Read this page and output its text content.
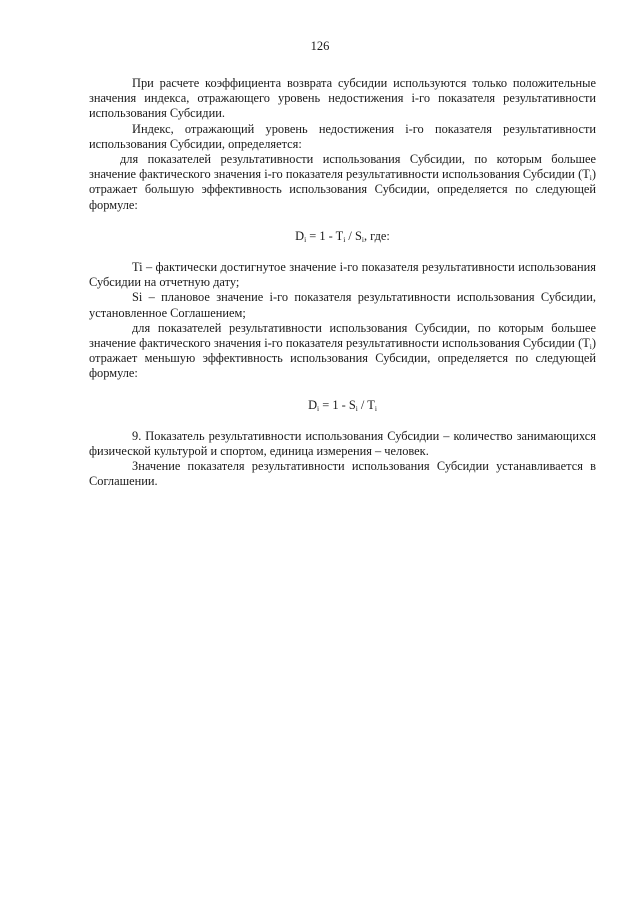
126

При расчете коэффициента возврата субсидии используются только положительные значения индекса, отражающего уровень недостижения i-го показателя результативности использования Субсидии.

Индекс, отражающий уровень недостижения i-го показателя результативности использования Субсидии, определяется:

для показателей результативности использования Субсидии, по которым большее значение фактического значения i-го показателя результативности использования Субсидии $(T_i)$ отражает большую эффективность использования Субсидии, определяется по следующей формуле:

$D_i = 1 - T_i / S_i$, где:

Ti – фактически достигнутое значение i-го показателя результативности использования Субсидии на отчетную дату;

Si – плановое значение i-го показателя результативности использования Субсидии, установленное Соглашением;

для показателей результативности использования Субсидии, по которым большее значение фактического значения i-го показателя результативности использования Субсидии $(T_i)$ отражает меньшую эффективность использования Субсидии, определяется по следующей формуле:

$D_i = 1 - S_i / T_i$

9. Показатель результативности использования Субсидии – количество занимающихся физической культурой и спортом, единица измерения – человек.

Значение показателя результативности использования Субсидии устанавливается в Соглашении.
